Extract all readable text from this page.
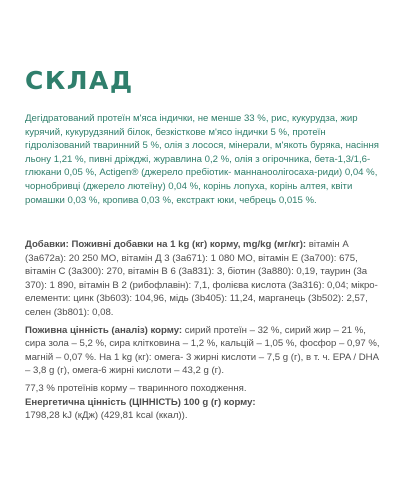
СКЛАД

Дегідратований протеїн м'яса індички, не менше 33 %, рис, кукурудза, жир курячий, кукурудзяний білок, безкісткове м'ясо індички 5 %, протеїн гідролізований тваринний 5 %, олія з лосося, мінерали, м'якоть буряка, насіння льону 1,21 %, пивні дріжджі, журавлина 0,2 %, олія з огірочника, бета-1,3/1,6-глюкани 0,05 %, Actigen® (джерело пребіотик- маннаноолігосаха-риди) 0,04 %, чорнобривці (джерело лютеїну) 0,04 %, корінь лопуха, корінь алтея, квіти ромашки 0,03 %, кропива 0,03 %, екстракт юки, чебрець 0,015 %.

Добавки: Поживні добавки на 1 kg (кг) корму, mg/kg (мг/кг): вітамін А (3a672a): 20 250 МО, вітамін Д 3 (3a671): 1 080 МО, вітамін Е (3a700): 675, вітамін С (3a300): 270, вітамін В 6 (3a831): 3, біотин (3a880): 0,19, таурин (3a 370): 1 890, вітамін В 2 (рибофлавін): 7,1, фолієва кислота (3a316): 0,04; мікро-елементи: цинк (3b603): 104,96, мідь (3b405): 11,24, марганець (3b502): 2,57, селен (3b801): 0,08.

Поживна цінність (аналіз) корму: сирий протеїн – 32 %, сирий жир – 21 %, сира зола – 5,2 %, сира клітковина – 1,2 %, кальцій – 1,05 %, фосфор – 0,97 %, магній – 0,07 %. На 1 kg (кг): омега- 3 жирні кислоти – 7,5 g (г), в т. ч. EPA / DHA – 3,8 g (г), омега-6 жирні кислоти – 43,2 g (г).

77,3 % протеїнів корму – тваринного походження.
Енергетична цінність (ЦІННІСТЬ) 100 g (г) корму:
1798,28 kJ (кДж) (429,81 kcal (ккал)).
